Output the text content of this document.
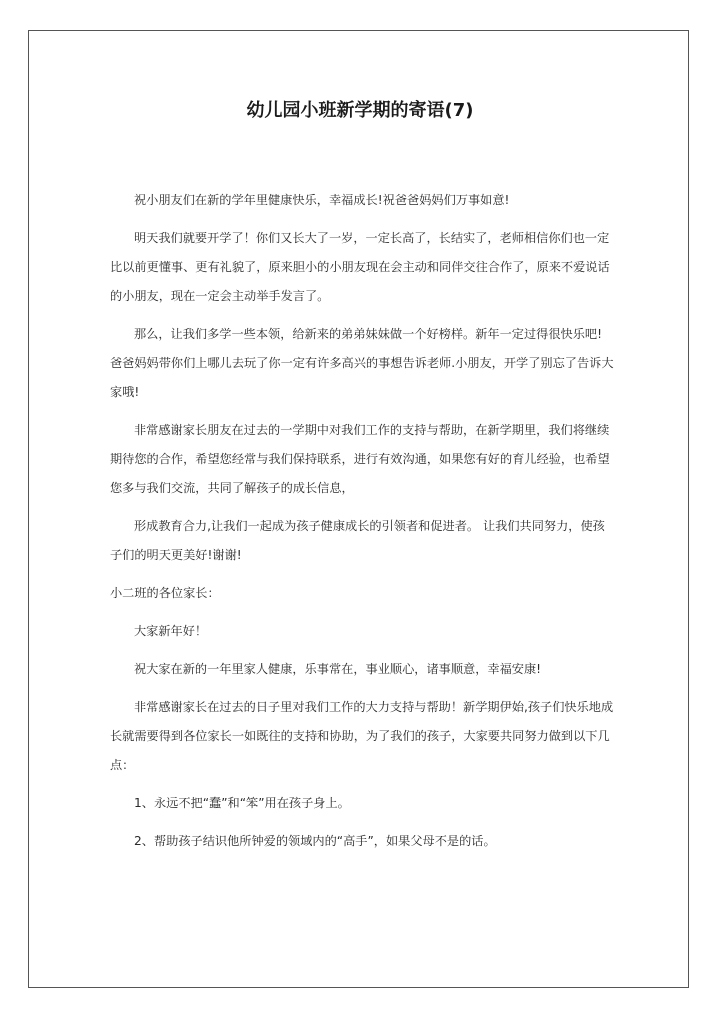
幼儿园小班新学期的寄语(7)

祝小朋友们在新的学年里健康快乐，幸福成长!祝爸爸妈妈们万事如意!

明天我们就要开学了！你们又长大了一岁，一定长高了，长结实了，老师相信你们也一定比以前更懂事、更有礼貌了，原来胆小的小朋友现在会主动和同伴交往合作了，原来不爱说话的小朋友，现在一定会主动举手发言了。

那么，让我们多学一些本领，给新来的弟弟妹妹做一个好榜样。新年一定过得很快乐吧!爸爸妈妈带你们上哪儿去玩了你一定有许多高兴的事想告诉老师.小朋友，开学了别忘了告诉大家哦!

非常感谢家长朋友在过去的一学期中对我们工作的支持与帮助，在新学期里，我们将继续期待您的合作，希望您经常与我们保持联系，进行有效沟通，如果您有好的育儿经验，也希望您多与我们交流，共同了解孩子的成长信息，

形成教育合力,让我们一起成为孩子健康成长的引领者和促进者。 让我们共同努力，使孩子们的明天更美好!谢谢!

小二班的各位家长：

大家新年好！

祝大家在新的一年里家人健康，乐事常在，事业顺心，诸事顺意，幸福安康!

非常感谢家长在过去的日子里对我们工作的大力支持与帮助！新学期伊始,孩子们快乐地成长就需要得到各位家长一如既往的支持和协助，为了我们的孩子，大家要共同努力做到以下几点：

1、永远不把“蠢”和“笨”用在孩子身上。

2、帮助孩子结识他所钟爱的领域内的“高手”，如果父母不是的话。
